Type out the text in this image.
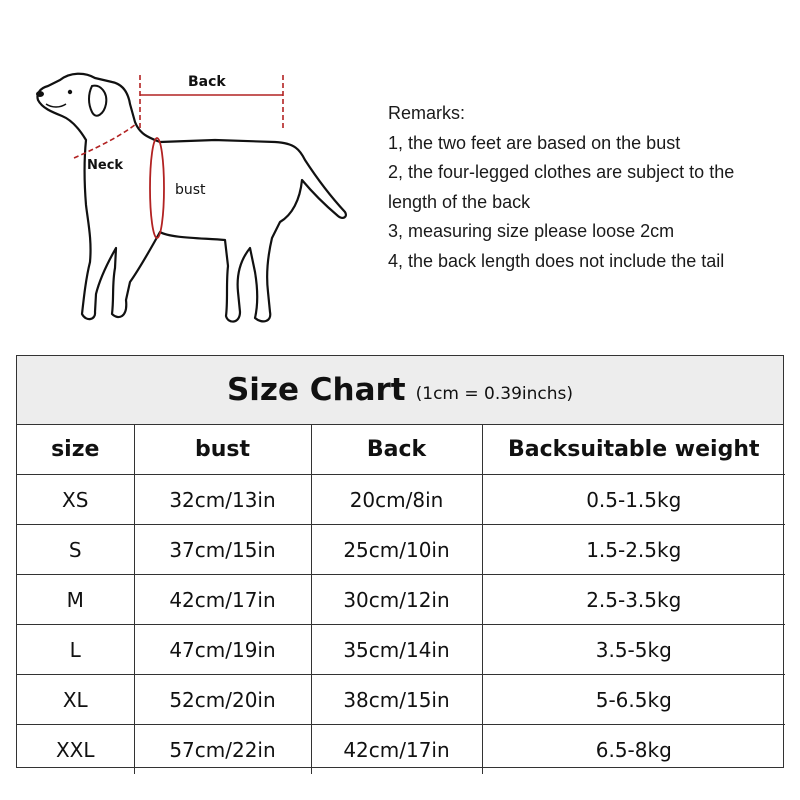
Back
Neck
bust
Remarks:
1, the two feet are based on the bust
2, the four-legged clothes are subject to the
length of the back
3, measuring size please loose 2cm
4, the back length does not include the tail
Size Chart (1cm = 0.39inchs)
size	bust	Back	Backsuitable weight
XS	32cm/13in	20cm/8in	0.5-1.5kg
S	37cm/15in	25cm/10in	1.5-2.5kg
M	42cm/17in	30cm/12in	2.5-3.5kg
L	47cm/19in	35cm/14in	3.5-5kg
XL	52cm/20in	38cm/15in	5-6.5kg
XXL	57cm/22in	42cm/17in	6.5-8kg
